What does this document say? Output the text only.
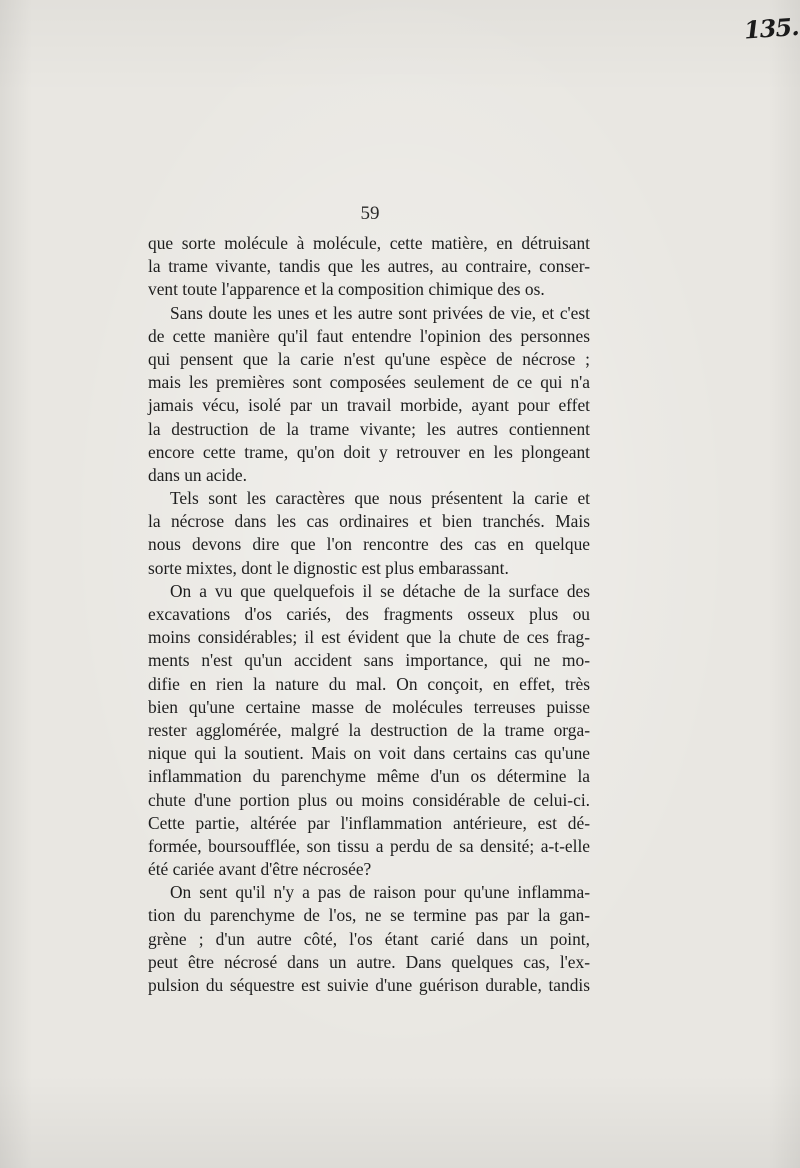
135.
59
que sorte molécule à molécule, cette matière, en détruisant
la trame vivante, tandis que les autres, au contraire, conser-
vent toute l'apparence et la composition chimique des os.
Sans doute les unes et les autre sont privées de vie, et c'est
de cette manière qu'il faut entendre l'opinion des personnes
qui pensent que la carie n'est qu'une espèce de nécrose ;
mais les premières sont composées seulement de ce qui n'a
jamais vécu, isolé par un travail morbide, ayant pour effet
la destruction de la trame vivante; les autres contiennent
encore cette trame, qu'on doit y retrouver en les plongeant
dans un acide.
Tels sont les caractères que nous présentent la carie et
la nécrose dans les cas ordinaires et bien tranchés. Mais
nous devons dire que l'on rencontre des cas en quelque
sorte mixtes, dont le dignostic est plus embarassant.
On a vu que quelquefois il se détache de la surface des
excavations d'os cariés, des fragments osseux plus ou
moins considérables; il est évident que la chute de ces frag-
ments n'est qu'un accident sans importance, qui ne mo-
difie en rien la nature du mal. On conçoit, en effet, très
bien qu'une certaine masse de molécules terreuses puisse
rester agglomérée, malgré la destruction de la trame orga-
nique qui la soutient. Mais on voit dans certains cas qu'une
inflammation du parenchyme même d'un os détermine la
chute d'une portion plus ou moins considérable de celui-ci.
Cette partie, altérée par l'inflammation antérieure, est dé-
formée, boursoufflée, son tissu a perdu de sa densité; a-t-elle
été cariée avant d'être nécrosée?
On sent qu'il n'y a pas de raison pour qu'une inflamma-
tion du parenchyme de l'os, ne se termine pas par la gan-
grène ; d'un autre côté, l'os étant carié dans un point,
peut être nécrosé dans un autre. Dans quelques cas, l'ex-
pulsion du séquestre est suivie d'une guérison durable, tandis
